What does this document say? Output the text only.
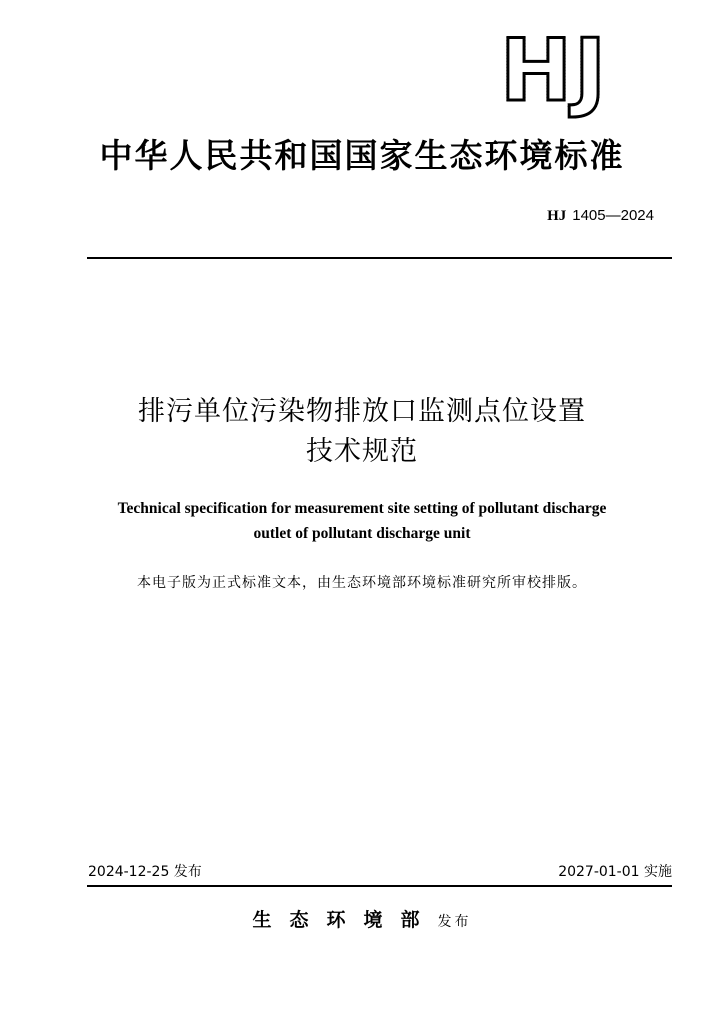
HJ
中华人民共和国国家生态环境标准
HJ 1405—2024
排污单位污染物排放口监测点位设置
技术规范
Technical specification for measurement site setting of pollutant discharge
outlet of pollutant discharge unit
本电子版为正式标准文本，由生态环境部环境标准研究所审校排版。
2024-12-25 发布	2027-01-01 实施
生态环境部发布
